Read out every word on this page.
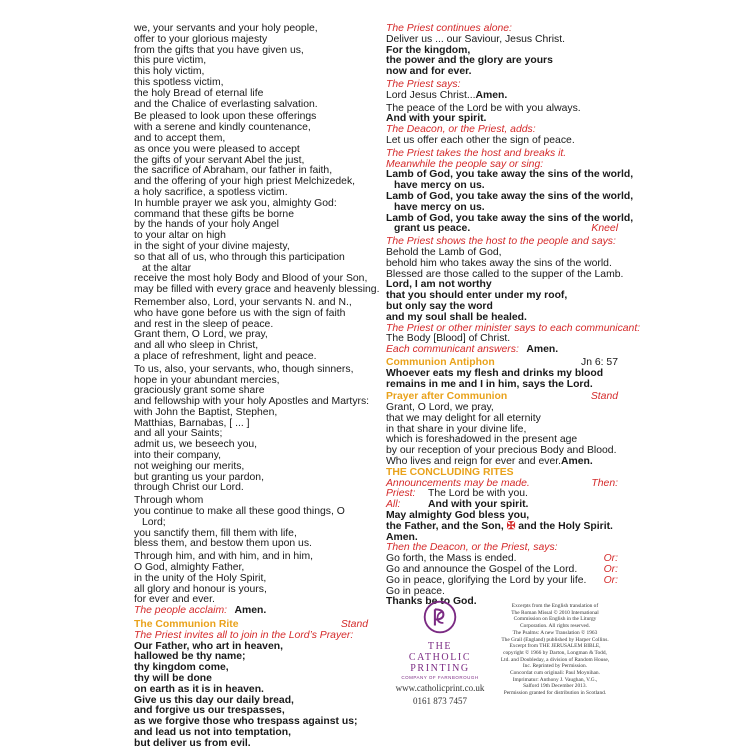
we, your servants and your holy people,
offer to your glorious majesty
from the gifts that you have given us,
this pure victim,
this holy victim,
this spotless victim,
the holy Bread of eternal life
and the Chalice of everlasting salvation.
Be pleased to look upon these offerings
with a serene and kindly countenance,
and to accept them,
as once you were pleased to accept
the gifts of your servant Abel the just,
the sacrifice of Abraham, our father in faith,
and the offering of your high priest Melchizedek,
a holy sacrifice, a spotless victim.
In humble prayer we ask you, almighty God:
command that these gifts be borne
by the hands of your holy Angel
to your altar on high
in the sight of your divine majesty,
so that all of us, who through this participation
at the altar
receive the most holy Body and Blood of your Son,
may be filled with every grace and heavenly blessing.
Remember also, Lord, your servants N. and N.,
who have gone before us with the sign of faith
and rest in the sleep of peace.
Grant them, O Lord, we pray,
and all who sleep in Christ,
a place of refreshment, light and peace.
To us, also, your servants, who, though sinners,
hope in your abundant mercies,
graciously grant some share
and fellowship with your holy Apostles and Martyrs:
with John the Baptist, Stephen,
Matthias, Barnabas, [ ... ]
and all your Saints;
admit us, we beseech you,
into their company,
not weighing our merits,
but granting us your pardon,
through Christ our Lord.
Through whom
you continue to make all these good things, O
Lord;
you sanctify them, fill them with life,
bless them, and bestow them upon us.
Through him, and with him, and in him,
O God, almighty Father,
in the unity of the Holy Spirit,
all glory and honour is yours,
for ever and ever.
The people acclaim: Amen.
The Communion Rite	Stand
The Priest invites all to join in the Lord’s Prayer:
Our Father, who art in heaven,
hallowed be thy name;
thy kingdom come,
thy will be done
on earth as it is in heaven.
Give us this day our daily bread,
and forgive us our trespasses,
as we forgive those who trespass against us;
and lead us not into temptation,
but deliver us from evil.
The Priest continues alone:
Deliver us ... our Saviour, Jesus Christ.
For the kingdom,
the power and the glory are yours
now and for ever.
The Priest says:
Lord Jesus Christ...Amen.
The peace of the Lord be with you always.
And with your spirit.
The Deacon, or the Priest, adds:
Let us offer each other the sign of peace.
The Priest takes the host and breaks it.
Meanwhile the people say or sing:
Lamb of God, you take away the sins of the world,
have mercy on us.
Lamb of God, you take away the sins of the world,
have mercy on us.
Lamb of God, you take away the sins of the world,
grant us peace.	Kneel
The Priest shows the host to the people and says:
Behold the Lamb of God,
behold him who takes away the sins of the world.
Blessed are those called to the supper of the Lamb.
Lord, I am not worthy
that you should enter under my roof,
but only say the word
and my soul shall be healed.
The Priest or other minister says to each communicant:
The Body [Blood] of Christ.
Each communicant answers: Amen.
Communion Antiphon	Jn 6: 57
Whoever eats my flesh and drinks my blood
remains in me and I in him, says the Lord.
Prayer after Communion	Stand
Grant, O Lord, we pray,
that we may delight for all eternity
in that share in your divine life,
which is foreshadowed in the present age
by our reception of your precious Body and Blood.
Who lives and reign for ever and ever.Amen.
THE CONCLUDING RITES
Announcements may be made.	Then:
Priest: The Lord be with you.
All:	And with your spirit.
May almighty God bless you,
the Father, and the Son, ✠ and the Holy Spirit.
Amen.
Then the Deacon, or the Priest, says:
Go forth, the Mass is ended.	Or:
Go and announce the Gospel of the Lord.	Or:
Go in peace, glorifying the Lord by your life. Or:
Go in peace.
Thanks be to God.
THE
CATHOLIC
PRINTING
COMPANY OF FARNBOROUGH
www.catholicprint.co.uk
0161 873 7457
Excerpts from the English translation of
The Roman Missal © 2010 International
Commission on English in the Liturgy
Corporation. All rights reserved.
The Psalms: A new Translation © 1963
The Grail (England) published by Harper Collins.
Excerpt from THE JERUSALEM BIBLE,
copyright © 1966 by Darton, Longman & Todd,
Ltd. and Doubleday, a division of Random House,
Inc. Reprinted by Permission.
Concordat cum originali: Paul Moynihan.
Imprimatur: Anthony J. Vaughan, V.G.,
Salford 19th December 2013.
Permission granted for distribution in Scotland.
